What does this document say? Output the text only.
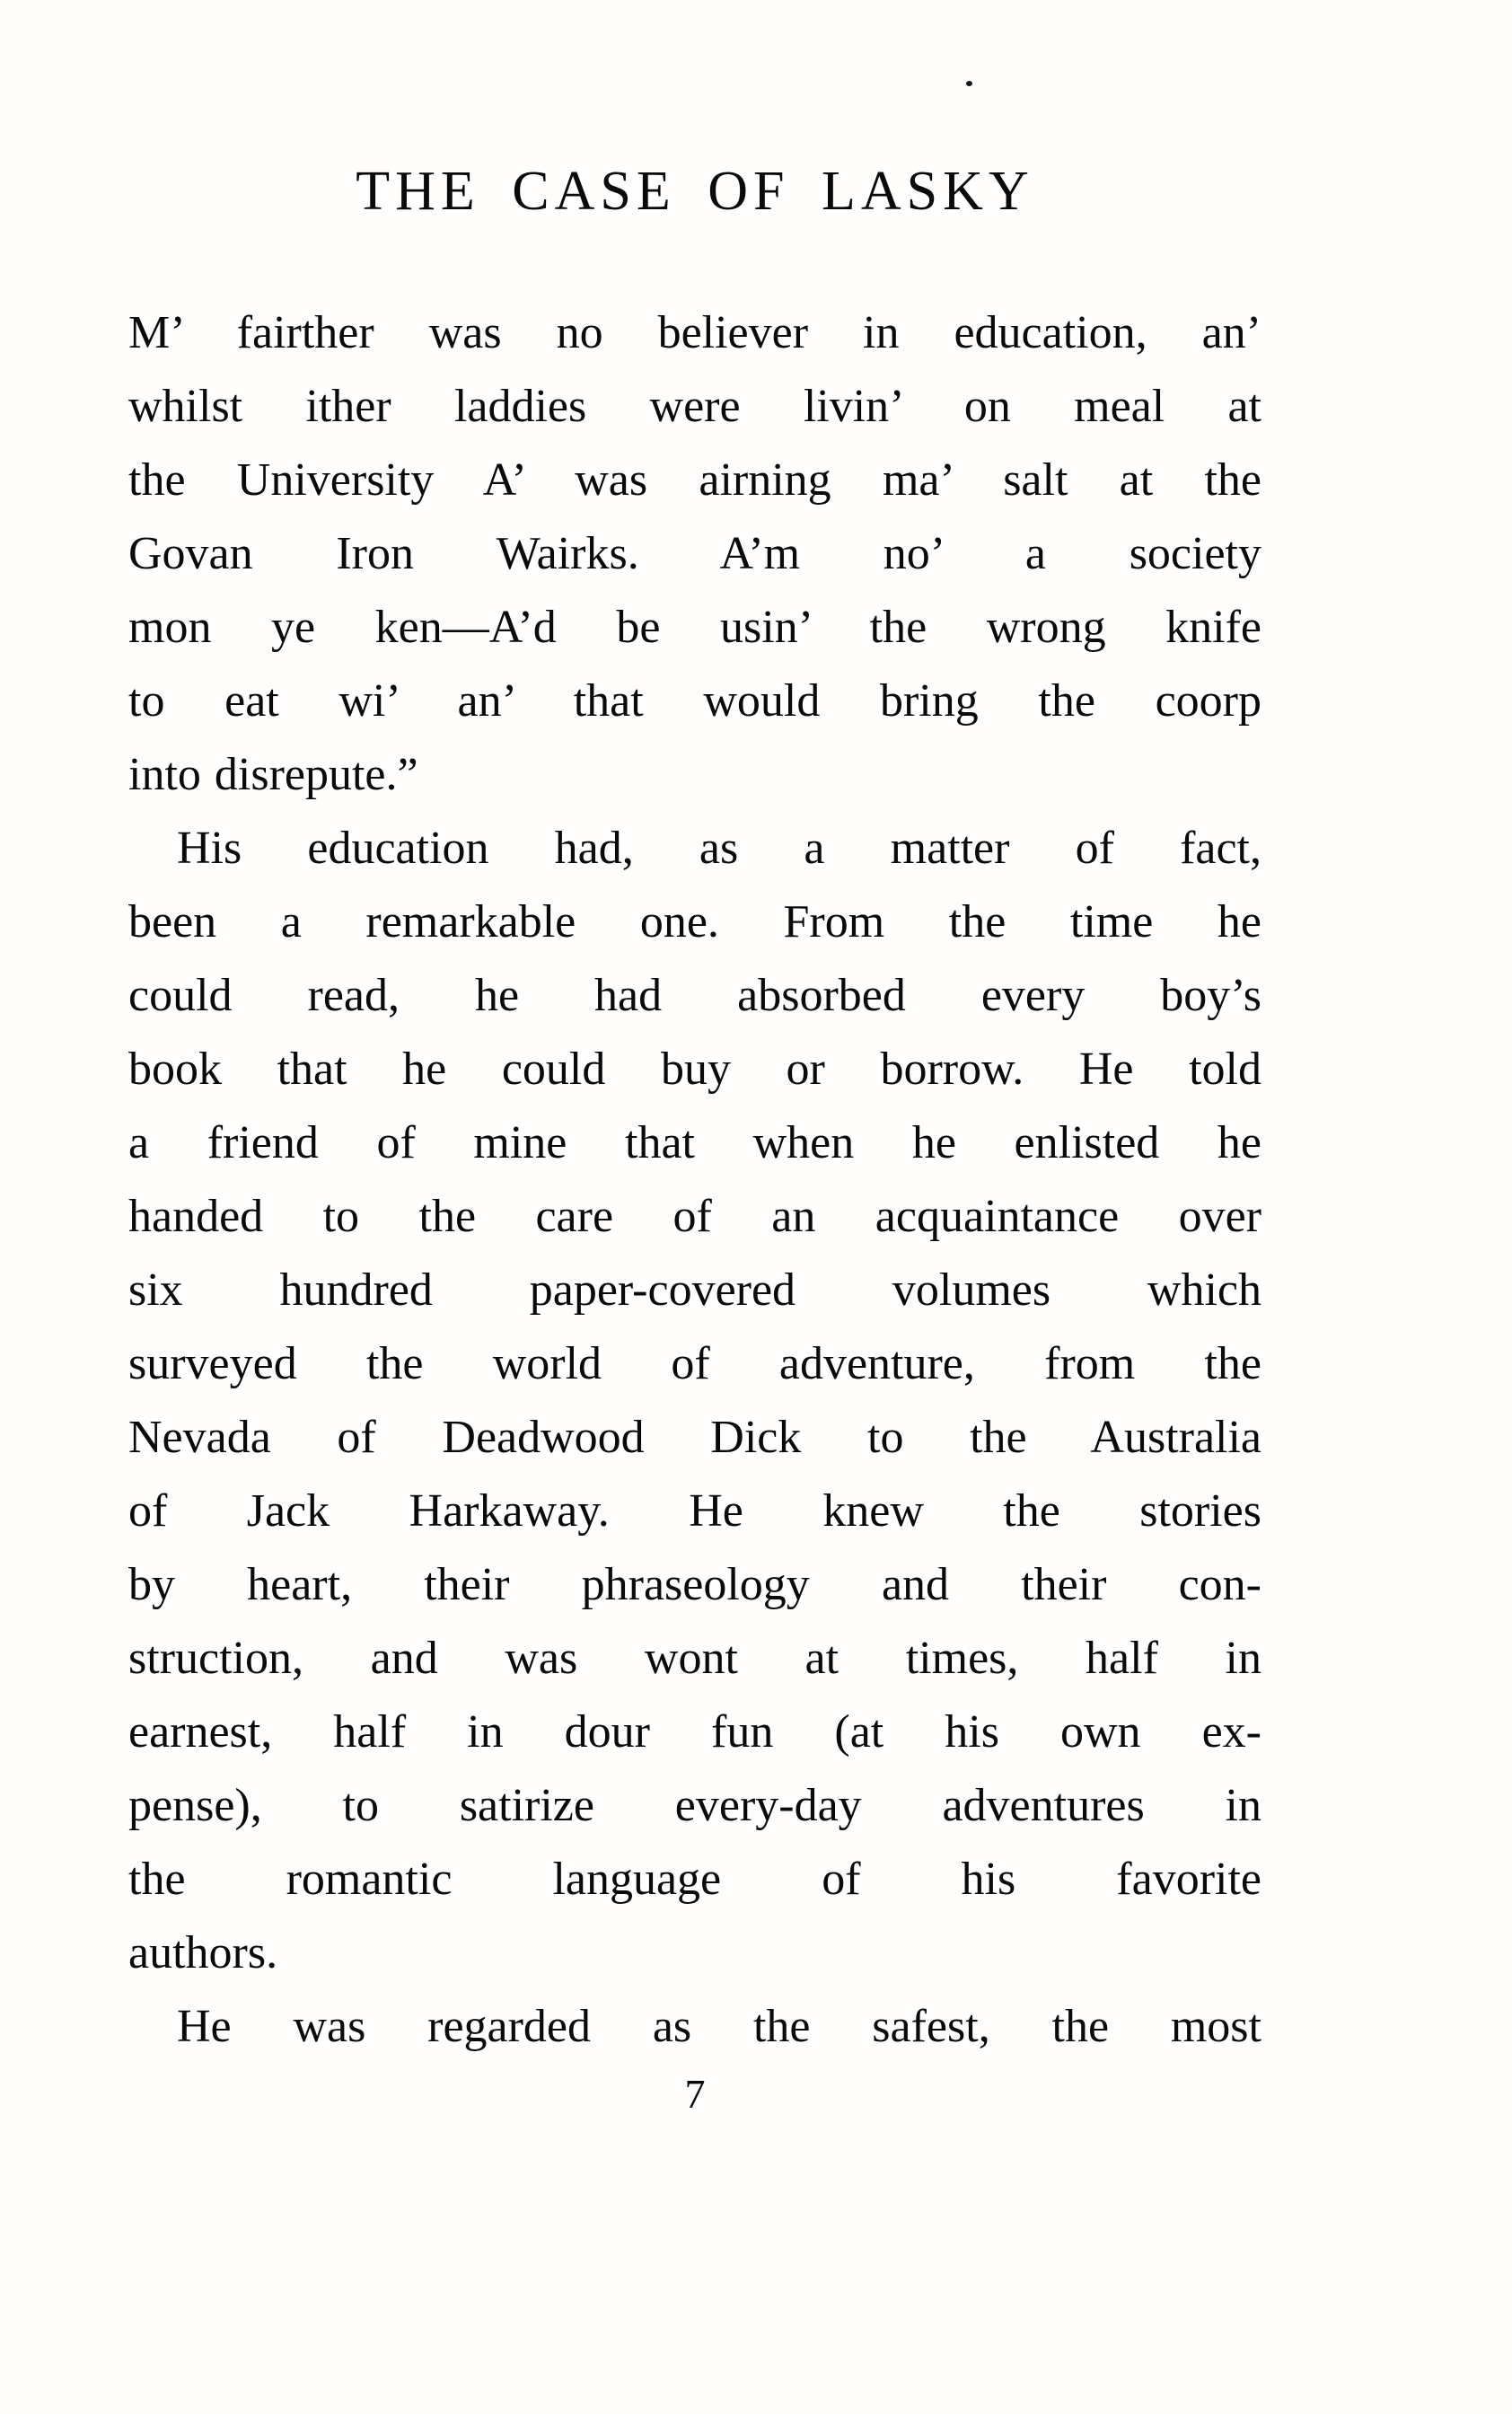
THE CASE OF LASKY
M’ fairther was no believer in education, an’
whilst ither laddies were livin’ on meal at
the University A’ was airning ma’ salt at the
Govan Iron Wairks. A’m no’ a society
mon ye ken—A’d be usin’ the wrong knife
to eat wi’ an’ that would bring the coorp
into disrepute.”
His education had, as a matter of fact,
been a remarkable one. From the time he
could read, he had absorbed every boy’s
book that he could buy or borrow. He told
a friend of mine that when he enlisted he
handed to the care of an acquaintance over
six hundred paper-covered volumes which
surveyed the world of adventure, from the
Nevada of Deadwood Dick to the Australia
of Jack Harkaway. He knew the stories
by heart, their phraseology and their con-
struction, and was wont at times, half in
earnest, half in dour fun (at his own ex-
pense), to satirize every-day adventures in
the romantic language of his favorite
authors.
He was regarded as the safest, the most
7
